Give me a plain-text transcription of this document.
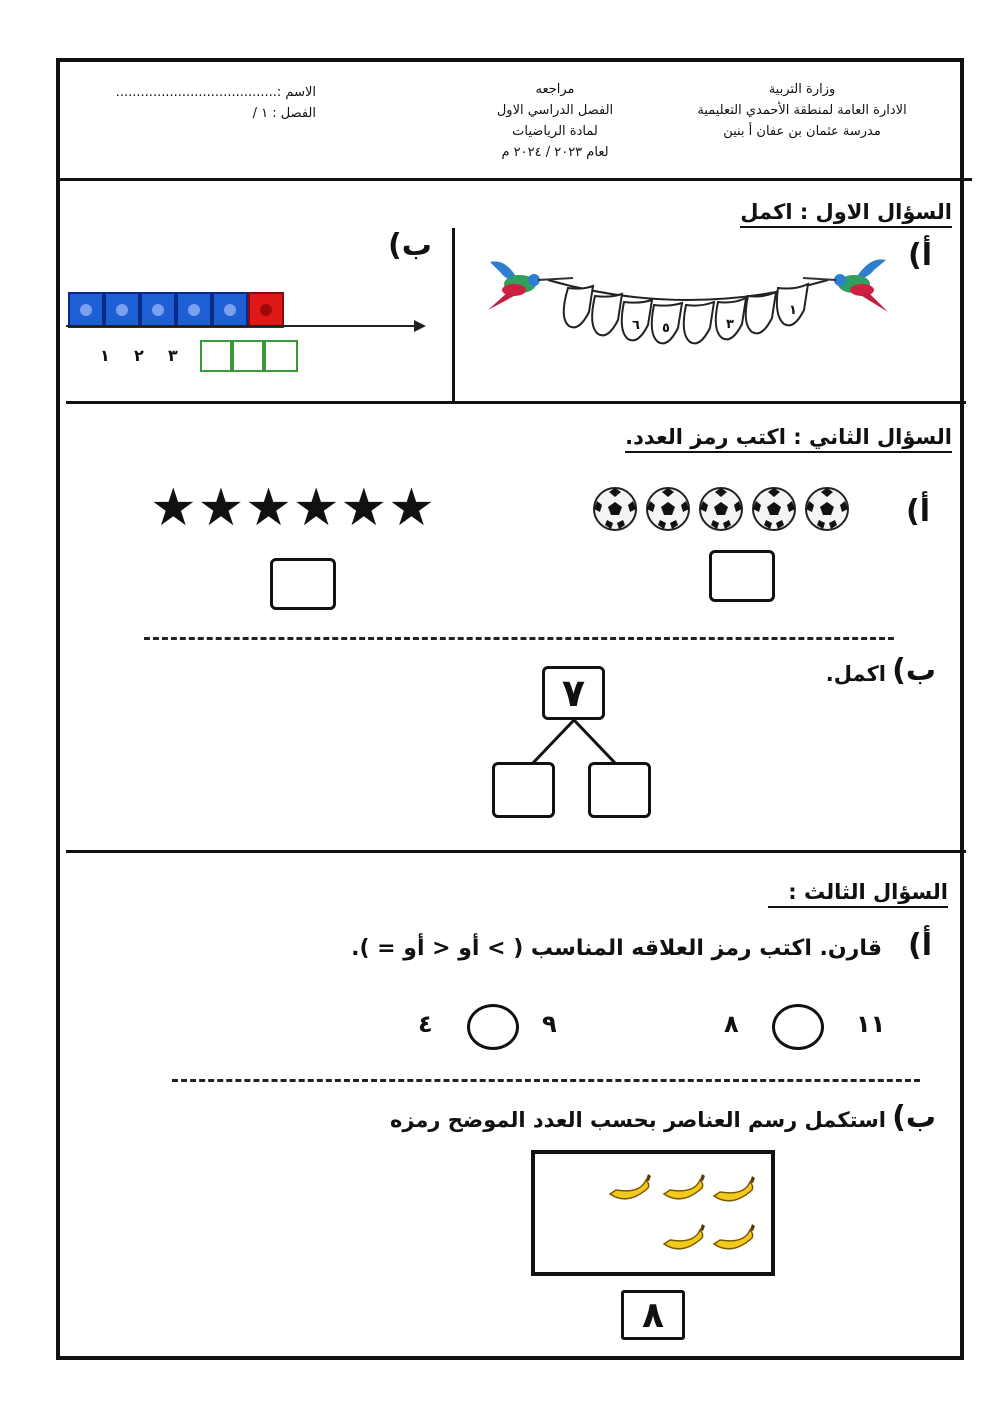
وزارة التربية
الادارة العامة لمنطقة الأحمدي التعليمية
مدرسة عثمان بن عفان أ بنين
مراجعه
الفصل الدراسي الاول
لمادة الرياضيات
لعام ٢٠٢٣ / ٢٠٢٤ م
الاسم :.......................................
الفصل : ١ /
السؤال الاول : اكمل
أ)
ب)
١
٣
٥
٦
١ ٢ ٣
السؤال الثاني : اكتب رمز العدد.
أ)
★★★★★★
ب)
اكمل.
٧
السؤال الثالث :
أ)
قارن. اكتب رمز العلاقه المناسب ( > أو < أو = ).
١١
٨
٩
٤
ب)
استكمل رسم العناصر بحسب العدد الموضح رمزه
٨
